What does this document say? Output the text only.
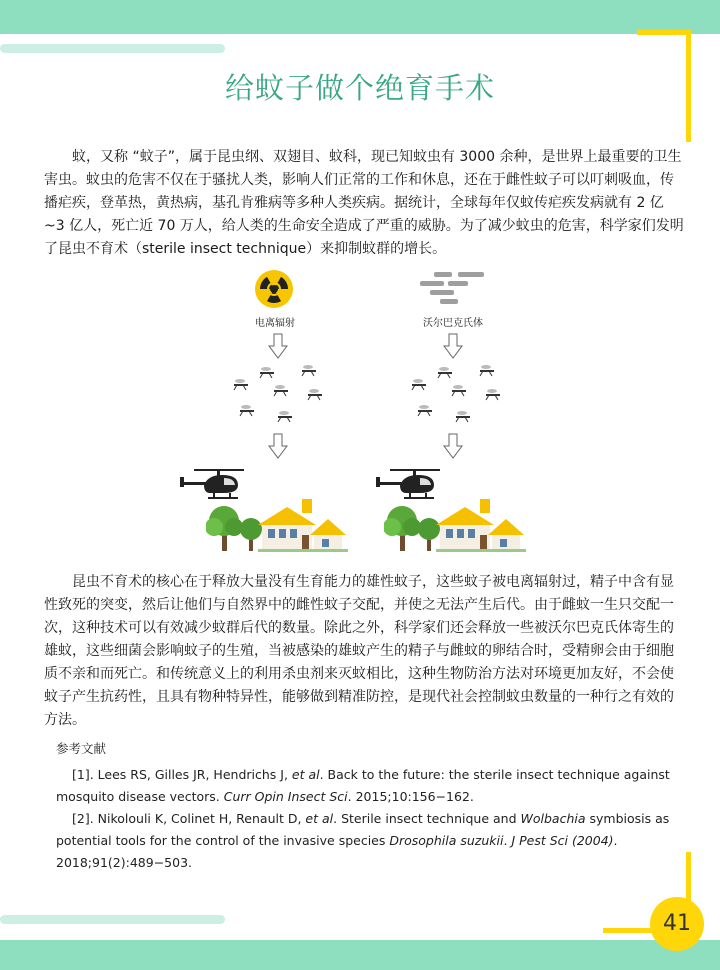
给蚊子做个绝育手术

蚊，又称 “蚊子”，属于昆虫纲、双翅目、蚊科，现已知蚊虫有 3000 余种，是世界上最重要的卫生害虫。蚊虫的危害不仅在于骚扰人类，影响人们正常的工作和休息，还在于雌性蚊子可以叮刺吸血，传播疟疾，登革热，黄热病，基孔肯雅病等多种人类疾病。据统计，全球每年仅蚊传疟疾发病就有 2 亿~3 亿人，死亡近 70 万人，给人类的生命安全造成了严重的威胁。为了减少蚊虫的危害，科学家们发明了昆虫不育术（sterile insect technique）来抑制蚊群的增长。

电离辐射	沃尔巴克氏体

昆虫不育术的核心在于释放大量没有生育能力的雄性蚊子，这些蚊子被电离辐射过，精子中含有显性致死的突变，然后让他们与自然界中的雌性蚊子交配，并使之无法产生后代。由于雌蚊一生只交配一次，这种技术可以有效减少蚊群后代的数量。除此之外，科学家们还会释放一些被沃尔巴克氏体寄生的雄蚊，这些细菌会影响蚊子的生殖，当被感染的雄蚊产生的精子与雌蚊的卵结合时，受精卵会由于细胞质不亲和而死亡。和传统意义上的利用杀虫剂来灭蚊相比，这种生物防治方法对环境更加友好，不会使蚊子产生抗药性，且具有物种特异性，能够做到精准防控，是现代社会控制蚊虫数量的一种行之有效的方法。

参考文献

[1]. Lees RS, Gilles JR, Hendrichs J, et al. Back to the future: the sterile insect technique against mosquito disease vectors. Curr Opin Insect Sci. 2015;10:156−162.

[2]. Nikolouli K, Colinet H, Renault D, et al. Sterile insect technique and Wolbachia symbiosis as potential tools for the control of the invasive species Drosophila suzukii. J Pest Sci (2004). 2018;91(2):489−503.

41
